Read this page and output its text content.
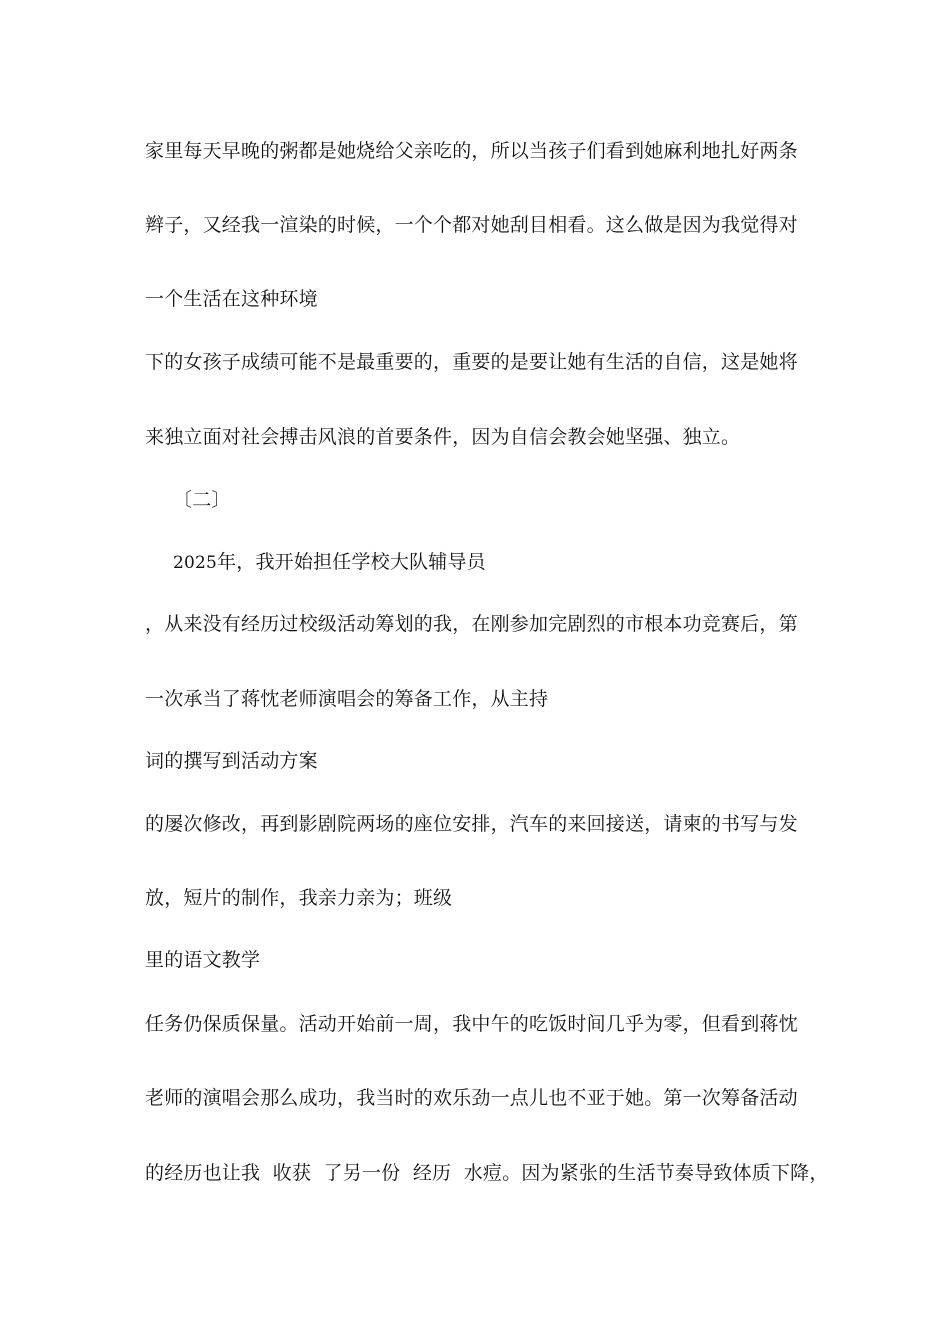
家里每天早晚的粥都是她烧给父亲吃的，所以当孩子们看到她麻利地扎好两条
辫子，又经我一渲染的时候，一个个都对她刮目相看。这么做是因为我觉得对
一个生活在这种环境
下的女孩子成绩可能不是最重要的，重要的是要让她有生活的自信，这是她将
来独立面对社会搏击风浪的首要条件，因为自信会教会她坚强、独立。
〔二〕
2025年，我开始担任学校大队辅导员
，从来没有经历过校级活动筹划的我，在刚参加完剧烈的市根本功竞赛后，第
一次承当了蒋忱老师演唱会的筹备工作，从主持
词的撰写到活动方案
的屡次修改，再到影剧院两场的座位安排，汽车的来回接送，请柬的书写与发
放，短片的制作，我亲力亲为；班级
里的语文教学
任务仍保质保量。活动开始前一周，我中午的吃饭时间几乎为零，但看到蒋忱
老师的演唱会那么成功，我当时的欢乐劲一点儿也不亚于她。第一次筹备活动
的经历也让我  收获  了另一份  经历  水痘。因为紧张的生活节奏导致体质下降，
